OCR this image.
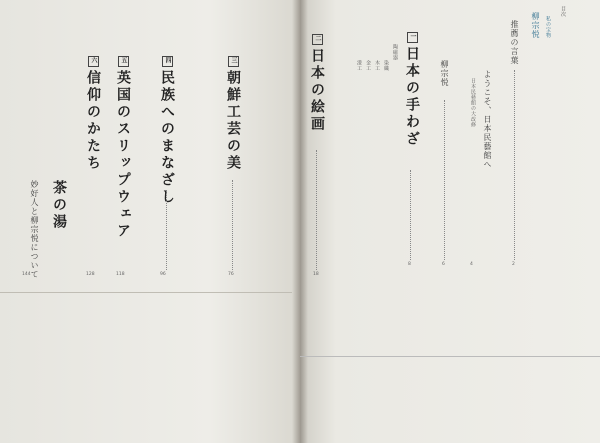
目次
推薦の言葉
2
柳宗悦 私の宝物
ようこそ、日本民藝館へ
日本民藝館の大改修
4
柳宗悦
6
一日本の手わざ
陶磁器
染織
木工
金工
漆工
8
二日本の絵画
18
三朝鮮工芸の美
76
四民族へのまなざし
96
五英国のスリップウェア
118
六信仰のかたち
128
茶の湯
妙好人と柳宗悦について
144
